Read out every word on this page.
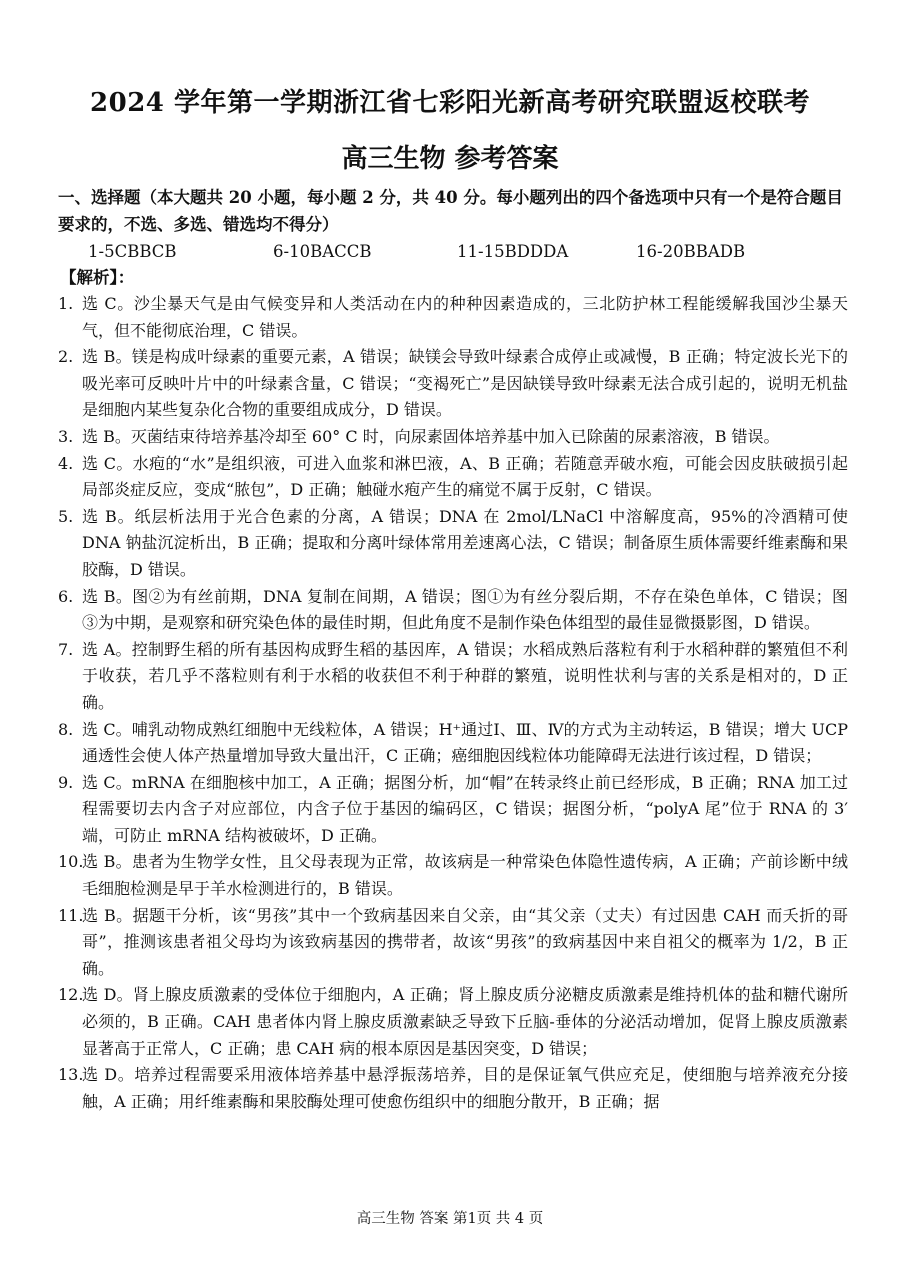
2024 学年第一学期浙江省七彩阳光新高考研究联盟返校联考
高三生物 参考答案
一、选择题（本大题共 20 小题，每小题 2 分，共 40 分。每小题列出的四个备选项中只有一个是符合题目要求的，不选、多选、错选均不得分）
1-5CBBCB	6-10BACCB	11-15BDDDA	16-20BBADB
【解析】：
1. 选 C。沙尘暴天气是由气候变异和人类活动在内的种种因素造成的，三北防护林工程能缓解我国沙尘暴天气，但不能彻底治理，C 错误。
2. 选 B。镁是构成叶绿素的重要元素，A 错误；缺镁会导致叶绿素合成停止或减慢，B 正确；特定波长光下的吸光率可反映叶片中的叶绿素含量，C 错误；“变褐死亡”是因缺镁导致叶绿素无法合成引起的，说明无机盐是细胞内某些复杂化合物的重要组成成分，D 错误。
3. 选 B。灭菌结束待培养基冷却至 60° C 时，向尿素固体培养基中加入已除菌的尿素溶液，B 错误。
4. 选 C。水疱的“水”是组织液，可进入血浆和淋巴液，A、B 正确；若随意弄破水疱，可能会因皮肤破损引起局部炎症反应，变成“脓包”，D 正确；触碰水疱产生的痛觉不属于反射，C 错误。
5. 选 B。纸层析法用于光合色素的分离，A 错误；DNA 在 2mol/LNaCl 中溶解度高，95%的冷酒精可使 DNA 钠盐沉淀析出，B 正确；提取和分离叶绿体常用差速离心法，C 错误；制备原生质体需要纤维素酶和果胶酶，D 错误。
6. 选 B。图②为有丝前期，DNA 复制在间期，A 错误；图①为有丝分裂后期，不存在染色单体，C 错误；图③为中期，是观察和研究染色体的最佳时期，但此角度不是制作染色体组型的最佳显微摄影图，D 错误。
7. 选 A。控制野生稻的所有基因构成野生稻的基因库，A 错误；水稻成熟后落粒有利于水稻种群的繁殖但不利于收获，若几乎不落粒则有利于水稻的收获但不利于种群的繁殖，说明性状利与害的关系是相对的，D 正确。
8. 选 C。哺乳动物成熟红细胞中无线粒体，A 错误；H⁺通过Ⅰ、Ⅲ、Ⅳ的方式为主动转运，B 错误；增大 UCP 通透性会使人体产热量增加导致大量出汗，C 正确；癌细胞因线粒体功能障碍无法进行该过程，D 错误；
9. 选 C。mRNA 在细胞核中加工，A 正确；据图分析，加“帽”在转录终止前已经形成，B 正确；RNA 加工过程需要切去内含子对应部位，内含子位于基因的编码区，C 错误；据图分析，“polyA 尾”位于 RNA 的 3′端，可防止 mRNA 结构被破坏，D 正确。
10.
选 B。患者为生物学女性，且父母表现为正常，故该病是一种常染色体隐性遗传病，A 正确；产前诊断中绒毛细胞检测是早于羊水检测进行的，B 错误。
11.
选 B。据题干分析，该“男孩”其中一个致病基因来自父亲，由“其父亲（丈夫）有过因患 CAH 而夭折的哥哥”，推测该患者祖父母均为该致病基因的携带者，故该“男孩”的致病基因中来自祖父的概率为 1/2，B 正确。
12.
选 D。肾上腺皮质激素的受体位于细胞内，A 正确；肾上腺皮质分泌糖皮质激素是维持机体的盐和糖代谢所必须的，B 正确。CAH 患者体内肾上腺皮质激素缺乏导致下丘脑-垂体的分泌活动增加，促肾上腺皮质激素显著高于正常人，C 正确；患 CAH 病的根本原因是基因突变，D 错误；
13.
选 D。培养过程需要采用液体培养基中悬浮振荡培养，目的是保证氧气供应充足，使细胞与培养液充分接触，A 正确；用纤维素酶和果胶酶处理可使愈伤组织中的细胞分散开，B 正确；据
高三生物 答案 第1页 共 4 页
